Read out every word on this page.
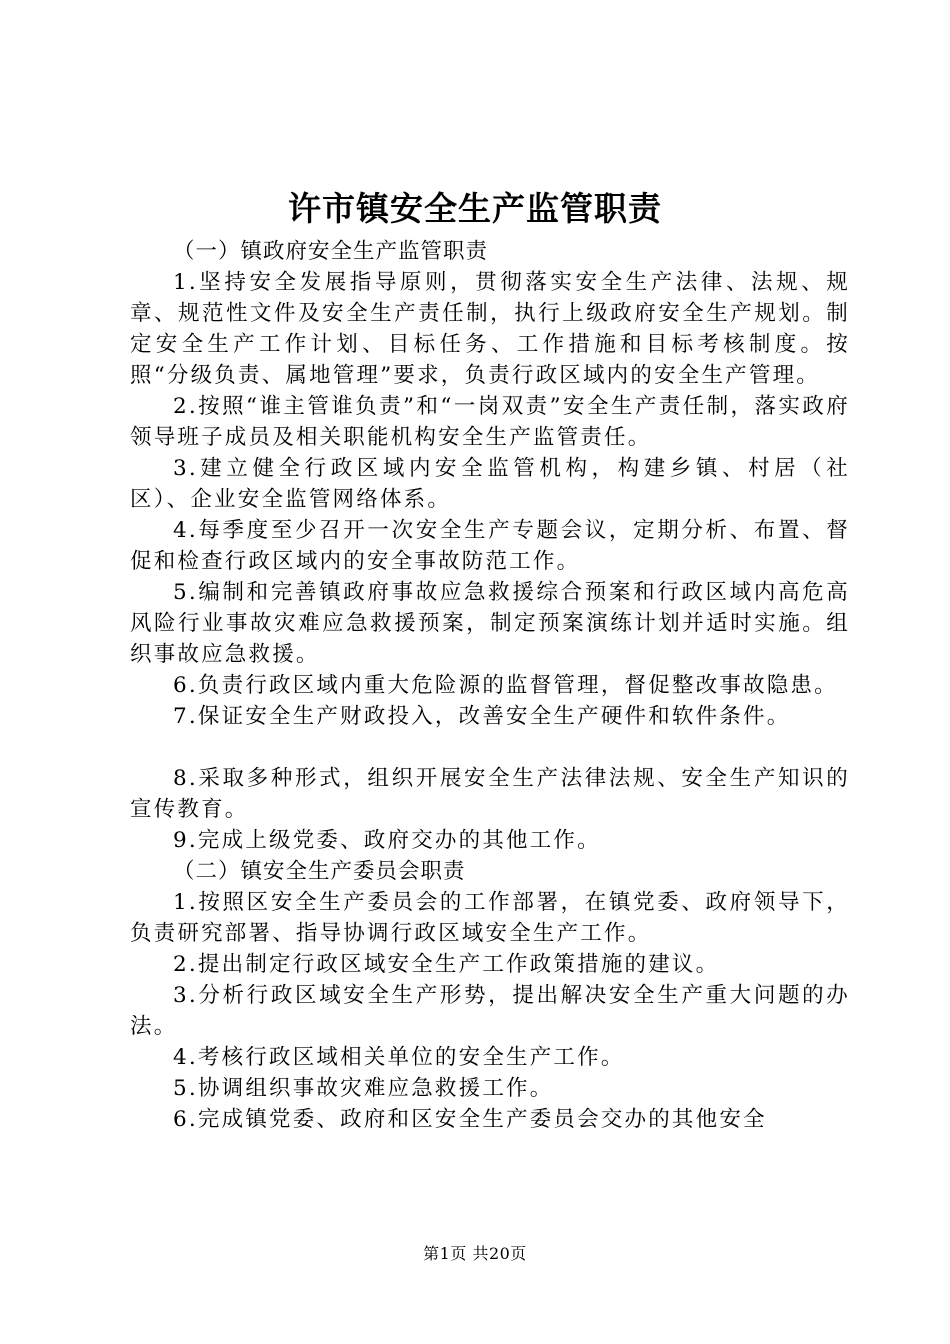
许市镇安全生产监管职责

（一）镇政府安全生产监管职责

1.坚持安全发展指导原则，贯彻落实安全生产法律、法规、规章、规范性文件及安全生产责任制，执行上级政府安全生产规划。制定安全生产工作计划、目标任务、工作措施和目标考核制度。按照“分级负责、属地管理”要求，负责行政区域内的安全生产管理。

2.按照“谁主管谁负责”和“一岗双责”安全生产责任制，落实政府领导班子成员及相关职能机构安全生产监管责任。

3.建立健全行政区域内安全监管机构，构建乡镇、村居（社区）、企业安全监管网络体系。

4.每季度至少召开一次安全生产专题会议，定期分析、布置、督促和检查行政区域内的安全事故防范工作。

5.编制和完善镇政府事故应急救援综合预案和行政区域内高危高风险行业事故灾难应急救援预案，制定预案演练计划并适时实施。组织事故应急救援。

6.负责行政区域内重大危险源的监督管理，督促整改事故隐患。

7.保证安全生产财政投入，改善安全生产硬件和软件条件。

8.采取多种形式，组织开展安全生产法律法规、安全生产知识的宣传教育。

9.完成上级党委、政府交办的其他工作。

（二）镇安全生产委员会职责

1.按照区安全生产委员会的工作部署，在镇党委、政府领导下，负责研究部署、指导协调行政区域安全生产工作。

2.提出制定行政区域安全生产工作政策措施的建议。

3.分析行政区域安全生产形势，提出解决安全生产重大问题的办法。

4.考核行政区域相关单位的安全生产工作。

5.协调组织事故灾难应急救援工作。

6.完成镇党委、政府和区安全生产委员会交办的其他安全

第1页 共20页
